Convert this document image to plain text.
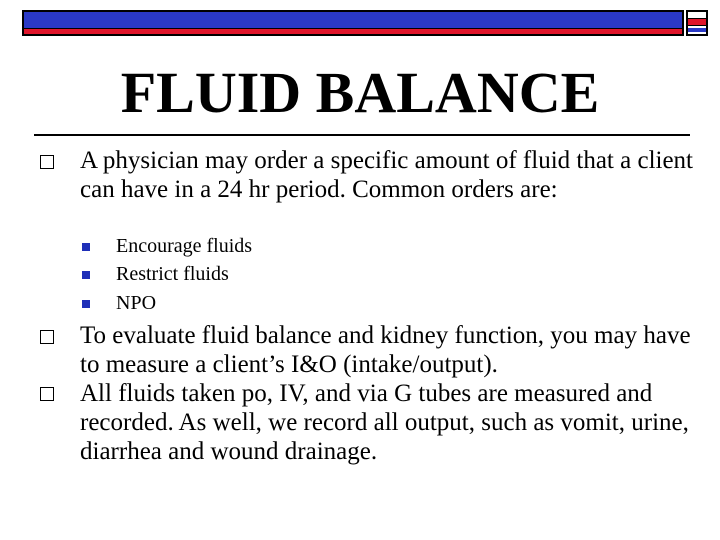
FLUID BALANCE
A physician may order a specific amount of fluid that a client can have in a 24 hr period. Common orders are:
Encourage fluids
Restrict fluids
NPO
To evaluate fluid balance and kidney function, you may have to measure a client’s I&O (intake/output).
All fluids taken po, IV, and via G tubes are measured and recorded. As well, we record all output, such as vomit, urine, diarrhea and wound drainage.
